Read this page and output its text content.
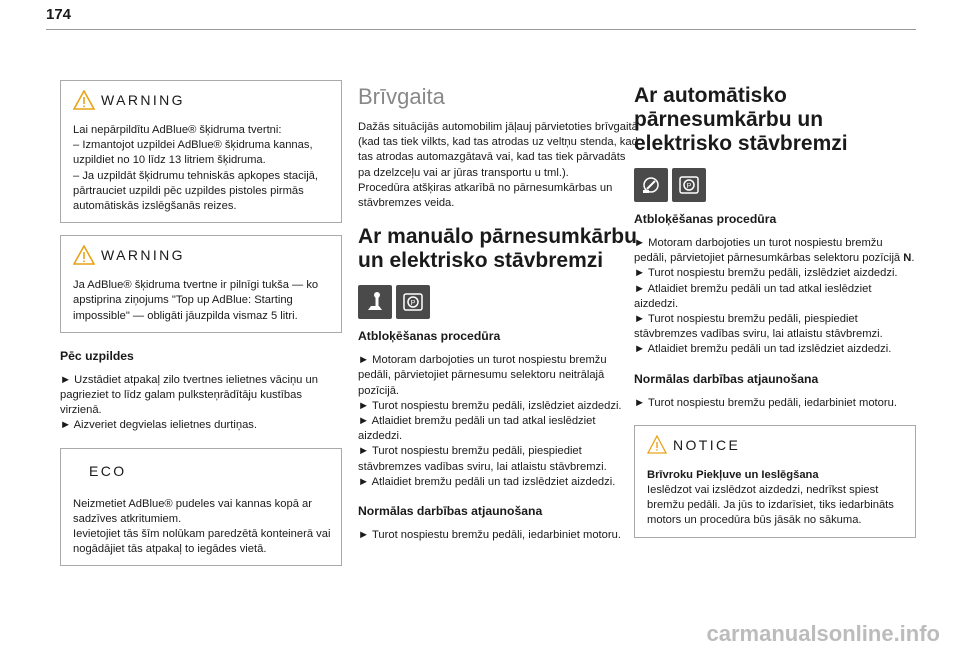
174
WARNING

Lai nepārpildītu AdBlue® šķidruma tvertni:
– Izmantojot uzpildei AdBlue® šķidruma kannas, uzpildiet no 10 līdz 13 litriem šķidruma.
– Ja uzpildāt šķidrumu tehniskās apkopes stacijā, pārtrauciet uzpildi pēc uzpildes pistoles pirmās automātiskās izslēgšanās reizes.

WARNING

Ja AdBlue® šķidruma tvertne ir pilnīgi tukša — ko apstiprina ziņojums "Top up AdBlue: Starting impossible" — obligāti jāuzpilda vismaz 5 litri.

Pēc uzpildes

► Uzstādiet atpakaļ zilo tvertnes ielietnes vāciņu un pagrieziet to līdz galam pulksteņrādītāju kustības virzienā.
► Aizveriet degvielas ielietnes durtiņas.

ECO

Neizmetiet AdBlue® pudeles vai kannas kopā ar sadzīves atkritumiem.
Ievietojiet tās šīm nolūkam paredzētā konteinerā vai nogādājiet tās atpakaļ to iegādes vietā.

Brīvgaita

Dažās situācijās automobilim jāļauj pārvietoties brīvgaitā (kad tas tiek vilkts, kad tas atrodas uz veltņu stenda, kad tas atrodas automazgātavā vai, kad tas tiek pārvadāts pa dzelzceļu vai ar jūras transportu u tml.).
Procedūra atšķiras atkarībā no pārnesumkārbas un stāvbremzes veida.

Ar manuālo pārnesumkārbu un elektrisko stāvbremzi
P
Atbloķēšanas procedūra

► Motoram darbojoties un turot nospiestu bremžu pedāli, pārvietojiet pārnesumu selektoru neitrālajā pozīcijā.
► Turot nospiestu bremžu pedāli, izslēdziet aizdedzi.
► Atlaidiet bremžu pedāli un tad atkal ieslēdziet aizdedzi.
► Turot nospiestu bremžu pedāli, piespiediet stāvbremzes vadības sviru, lai atlaistu stāvbremzi.
► Atlaidiet bremžu pedāli un tad izslēdziet aizdedzi.

Normālas darbības atjaunošana

► Turot nospiestu bremžu pedāli, iedarbiniet motoru.

Ar automātisko pārnesumkārbu un elektrisko stāvbremzi
P
Atbloķēšanas procedūra

► Motoram darbojoties un turot nospiestu bremžu pedāli, pārvietojiet pārnesumkārbas selektoru pozīcijā N.
► Turot nospiestu bremžu pedāli, izslēdziet aizdedzi.
► Atlaidiet bremžu pedāli un tad atkal ieslēdziet aizdedzi.
► Turot nospiestu bremžu pedāli, piespiediet stāvbremzes vadības sviru, lai atlaistu stāvbremzi.
► Atlaidiet bremžu pedāli un tad izslēdziet aizdedzi.

Normālas darbības atjaunošana

► Turot nospiestu bremžu pedāli, iedarbiniet motoru.

NOTICE

Brīvroku Piekļuve un Ieslēgšana

Ieslēdzot vai izslēdzot aizdedzi, nedrīkst spiest bremžu pedāli. Ja jūs to izdarīsiet, tiks iedarbināts motors un procedūra būs jāsāk no sākuma.

carmanualsonline.info
